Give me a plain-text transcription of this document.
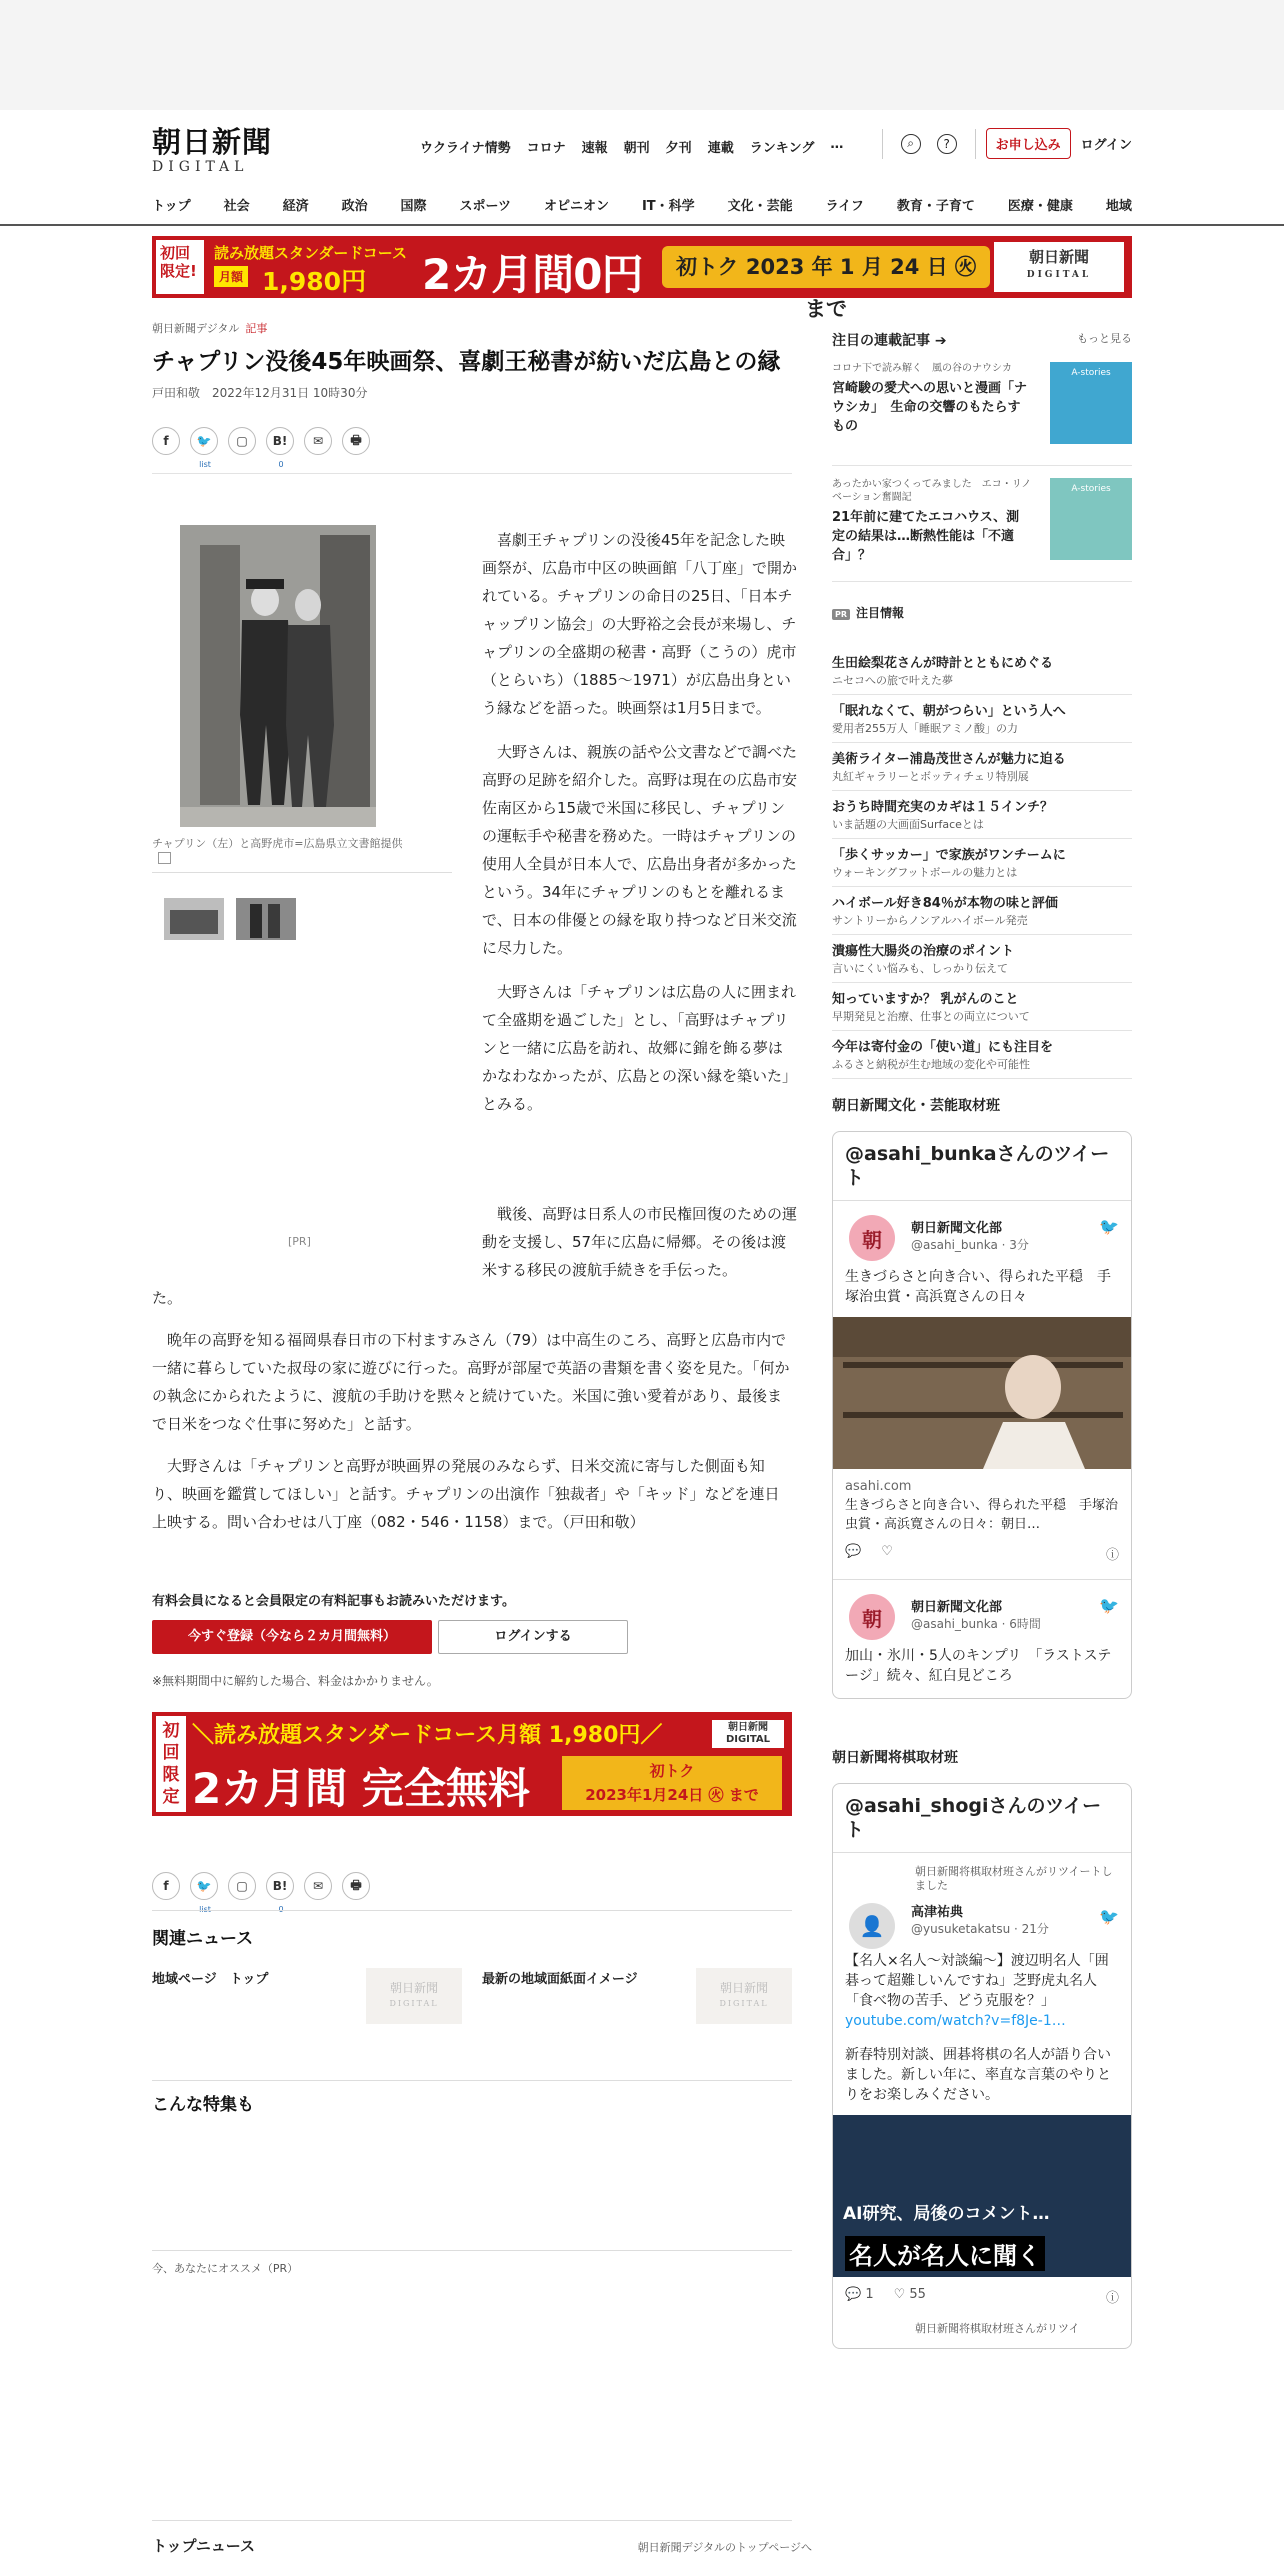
朝日新聞
DIGITAL
ウクライナ情勢 コロナ 速報 朝刊 夕刊 連載 ランキング …	⌕	?	お申し込み	ログイン
トップ	社会	経済	政治	国際	スポーツ	オピニオン	IT・科学	文化・芸能	ライフ	教育・子育て	医療・健康	地域
初回限定!
読み放題スタンダードコース
月額 1,980円 2カ月間0円	初トク 2023 年 1 月 24 日 ㊋ まで
朝日新聞
DIGITAL
朝日新聞デジタル 記事
チャプリン没後45年映画祭、喜劇王秘書が紡いだ広島との縁
戸田和敬 2022年12月31日 10時30分
f 🐦
list
▢ B!
0
✉ 🖶
チャプリン（左）と高野虎市=広島県立文書館提供
[PR]

喜劇王チャプリンの没後45年を記念した映画祭が、広島市中区の映画館「八丁座」で開かれている。チャプリンの命日の25日、「日本チャップリン協会」の大野裕之会長が来場し、チャプリンの全盛期の秘書・高野（こうの）虎市（とらいち）（1885〜1971）が広島出身という縁などを語った。映画祭は1月5日まで。

大野さんは、親族の話や公文書などで調べた高野の足跡を紹介した。高野は現在の広島市安佐南区から15歳で米国に移民し、チャプリンの運転手や秘書を務めた。一時はチャプリンの使用人全員が日本人で、広島出身者が多かったという。34年にチャプリンのもとを離れるまで、日本の俳優との縁を取り持つなど日米交流に尽力した。

大野さんは「チャプリンは広島の人に囲まれて全盛期を過ごした」とし、「高野はチャプリンと一緒に広島を訪れ、故郷に錦を飾る夢はかなわなかったが、広島との深い縁を築いた」とみる。

戦後、高野は日系人の市民権回復のための運動を支援し、57年に広島に帰郷。その後は渡米する移民の渡航手続きを手伝った。

た。

晩年の高野を知る福岡県春日市の下村ますみさん（79）は中高生のころ、高野と広島市内で一緒に暮らしていた叔母の家に遊びに行った。高野が部屋で英語の書類を書く姿を見た。「何かの執念にかられたように、渡航の手助けを黙々と続けていた。米国に強い愛着があり、最後まで日米をつなぐ仕事に努めた」と話す。

大野さんは「チャプリンと高野が映画界の発展のみならず、日米交流に寄与した側面も知り、映画を鑑賞してほしい」と話す。チャプリンの出演作「独裁者」や「キッド」などを連日上映する。問い合わせは八丁座（082・546・1158）まで。（戸田和敬）

有料会員になると会員限定の有料記事もお読みいただけます。
今すぐ登録（今なら２カ月間無料）	ログインする
※無料期間中に解約した場合、料金はかかりません。
初回限定
＼読み放題スタンダードコース月額 1,980円／	朝日新聞
DIGITAL
2カ月間 完全無料	初トク
2023年1月24日 ㊋ まで
f 🐦 ▢ B! ✉ 🖶
関連ニュース
地域ページ　トップ
朝日新聞
DIGITAL
最新の地域面紙面イメージ
朝日新聞
DIGITAL
こんな特集も
今、あなたにオススメ（PR）
トップニュース	朝日新聞デジタルのトップページへ
注目の連載記事 ➔	もっと見る
コロナ下で読み解く　風の谷のナウシカ
宮崎駿の愛犬への思いと漫画「ナウシカ」　生命の交響のもたらすもの
A-stories
あったかい家つくってみました　エコ・リノベーション奮闘記
21年前に建てたエコハウス、測定の結果は…断熱性能は「不適合」？
A-stories
PR 注目情報
生田絵梨花さんが時計とともにめぐる
ニセコへの旅で叶えた夢
「眠れなくて、朝がつらい」という人へ
愛用者255万人「睡眠アミノ酸」の力
美術ライター浦島茂世さんが魅力に迫る
丸紅ギャラリーとボッティチェリ特別展
おうち時間充実のカギは１５インチ？
いま話題の大画面Surfaceとは
「歩くサッカー」で家族がワンチームに
ウォーキングフットボールの魅力とは
ハイボール好き84％が本物の味と評価
サントリーからノンアルハイボール発売
潰瘍性大腸炎の治療のポイント
言いにくい悩みも、しっかり伝えて
知っていますか？ 乳がんのこと
早期発見と治療、仕事との両立について
今年は寄付金の「使い道」にも注目を
ふるさと納税が生む地域の変化や可能性
朝日新聞文化・芸能取材班
@asahi_bunkaさんのツイート
朝	朝日新聞文化部
@asahi_bunka · 3分
🐦
生きづらさと向き合い、得られた平穏　手塚治虫賞・高浜寛さんの日々
asahi.com
生きづらさと向き合い、得られた平穏　手塚治虫賞・高浜寛さんの日々：朝日…
💬 ♡	ⓘ
朝	朝日新聞文化部
@asahi_bunka · 6時間
🐦
加山・氷川・5人のキンプリ　「ラストステージ」続々、紅白見どころ
朝日新聞将棋取材班
@asahi_shogiさんのツイート
朝日新聞将棋取材班さんがリツイートしました
👤
高津祐典
@yusuketakatsu · 21分
🐦
【名人×名人～対談編～】渡辺明名人「囲碁って超難しいんですね」芝野虎丸名人「食べ物の苦手、どう克服を？」 youtube.com/watch?v=f8Je-1…
新春特別対談、囲碁将棋の名人が語り合いました。新しい年に、率直な言葉のやりとりをお楽しみください。
AI研究、局後のコメント…
名人が名人に聞く
💬 1 ♡ 55	ⓘ
朝日新聞将棋取材班さんがリツイ
